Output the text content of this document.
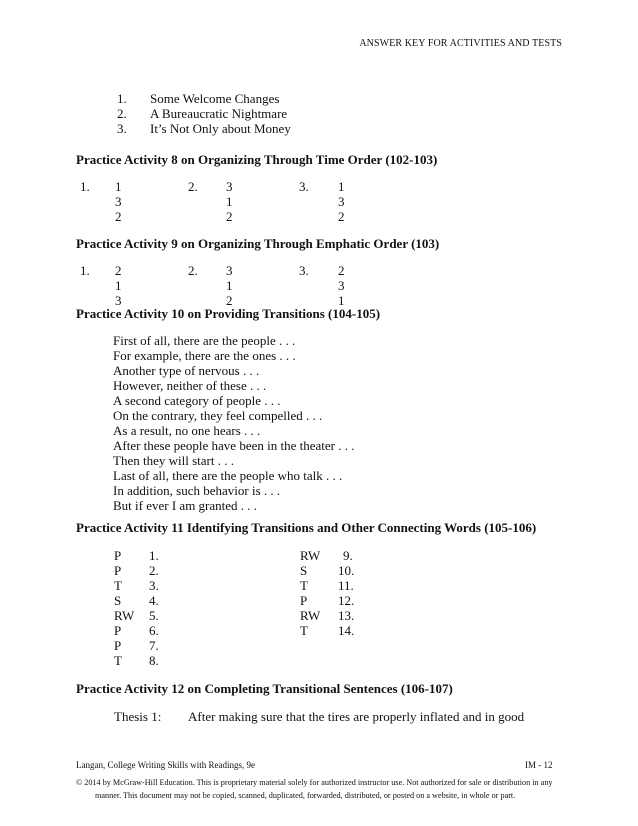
ANSWER KEY FOR ACTIVITIES AND TESTS
1. Some Welcome Changes
2. A Bureaucratic Nightmare
3. It’s Not Only about Money
Practice Activity 8 on Organizing Through Time Order (102-103)
1. 1
3
2
2. 3
1
2
3. 1
3
2
Practice Activity 9 on Organizing Through Emphatic Order (103)
1. 2
1
3
2. 3
1
2
3. 2
3
1
Practice Activity 10 on Providing Transitions (104-105)
First of all, there are the people . . .
For example, there are the ones . . .
Another type of nervous . . .
However, neither of these . . .
A second category of people . . .
On the contrary, they feel compelled . . .
As a result, no one hears . . .
After these people have been in the theater . . .
Then they will start . . .
Last of all, there are the people who talk . . .
In addition, such behavior is . . .
But if ever I am granted . . .
Practice Activity 11 Identifying Transitions and Other Connecting Words (105-106)
P 1.
P 2.
T 3.
S 4.
RW 5.
P 6.
P 7.
T 8.
RW 9.
S 10.
T 11.
P 12.
RW 13.
T 14.
Practice Activity 12 on Completing Transitional Sentences (106-107)
Thesis 1: After making sure that the tires are properly inflated and in good
Langan, College Writing Skills with Readings, 9e	IM - 12
© 2014 by McGraw-Hill Education. This is proprietary material solely for authorized instructor use. Not authorized for sale or distribution in any
manner. This document may not be copied, scanned, duplicated, forwarded, distributed, or posted on a website, in whole or part.
